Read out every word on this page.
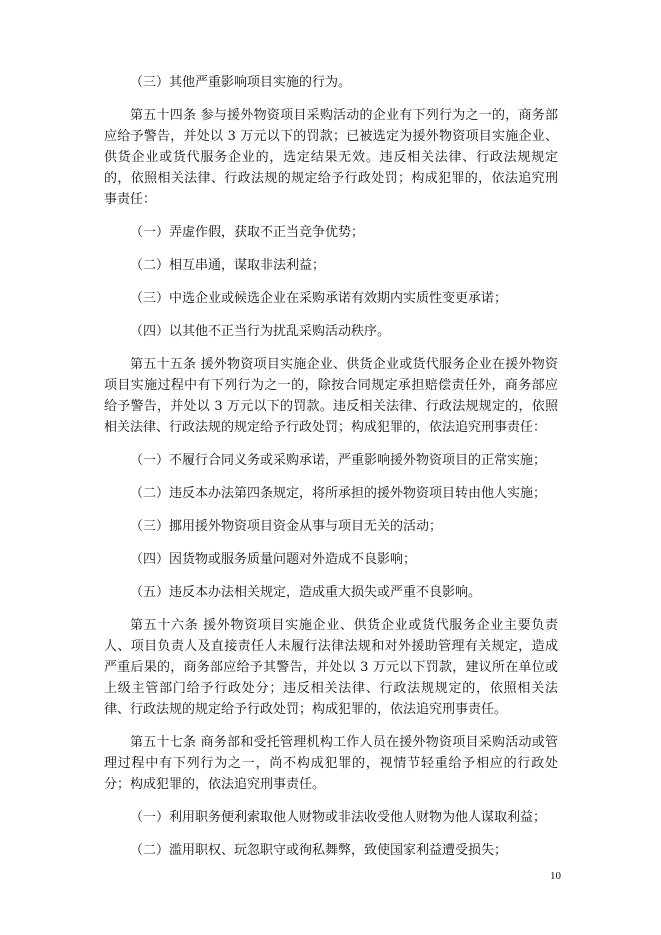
（三）其他严重影响项目实施的行为。

第五十四条 参与援外物资项目采购活动的企业有下列行为之一的，商务部应给予警告，并处以 3 万元以下的罚款；已被选定为援外物资项目实施企业、供货企业或货代服务企业的，选定结果无效。违反相关法律、行政法规规定的，依照相关法律、行政法规的规定给予行政处罚；构成犯罪的，依法追究刑事责任：

（一）弄虚作假，获取不正当竞争优势；

（二）相互串通，谋取非法利益；

（三）中选企业或候选企业在采购承诺有效期内实质性变更承诺；

（四）以其他不正当行为扰乱采购活动秩序。

第五十五条 援外物资项目实施企业、供货企业或货代服务企业在援外物资项目实施过程中有下列行为之一的，除按合同规定承担赔偿责任外，商务部应给予警告，并处以 3 万元以下的罚款。违反相关法律、行政法规规定的，依照相关法律、行政法规的规定给予行政处罚；构成犯罪的，依法追究刑事责任：

（一）不履行合同义务或采购承诺，严重影响援外物资项目的正常实施；

（二）违反本办法第四条规定，将所承担的援外物资项目转由他人实施；

（三）挪用援外物资项目资金从事与项目无关的活动；

（四）因货物或服务质量问题对外造成不良影响；

（五）违反本办法相关规定，造成重大损失或严重不良影响。

第五十六条 援外物资项目实施企业、供货企业或货代服务企业主要负责人、项目负责人及直接责任人未履行法律法规和对外援助管理有关规定，造成严重后果的，商务部应给予其警告，并处以 3 万元以下罚款，建议所在单位或上级主管部门给予行政处分；违反相关法律、行政法规规定的，依照相关法律、行政法规的规定给予行政处罚；构成犯罪的，依法追究刑事责任。

第五十七条 商务部和受托管理机构工作人员在援外物资项目采购活动或管理过程中有下列行为之一，尚不构成犯罪的，视情节轻重给予相应的行政处分；构成犯罪的，依法追究刑事责任。

（一）利用职务便利索取他人财物或非法收受他人财物为他人谋取利益；

（二）滥用职权、玩忽职守或徇私舞弊，致使国家利益遭受损失；

10
